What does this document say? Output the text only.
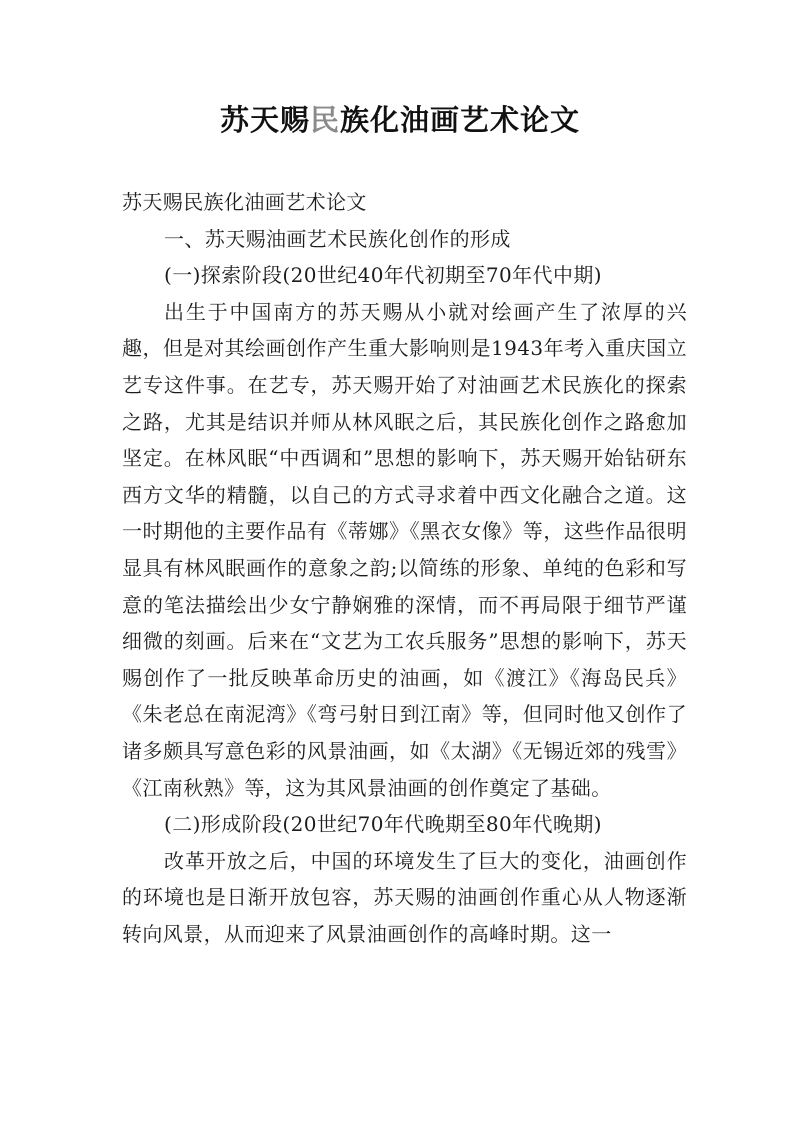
苏天赐民族化油画艺术论文

苏天赐民族化油画艺术论文

一、苏天赐油画艺术民族化创作的形成

(一)探索阶段(20世纪40年代初期至70年代中期)

出生于中国南方的苏天赐从小就对绘画产生了浓厚的兴趣，但是对其绘画创作产生重大影响则是1943年考入重庆国立艺专这件事。在艺专，苏天赐开始了对油画艺术民族化的探索之路，尤其是结识并师从林风眠之后，其民族化创作之路愈加坚定。在林风眠“中西调和”思想的影响下，苏天赐开始钻研东西方文华的精髓，以自己的方式寻求着中西文化融合之道。这一时期他的主要作品有《蒂娜》《黑衣女像》等，这些作品很明显具有林风眠画作的意象之韵;以简练的形象、单纯的色彩和写意的笔法描绘出少女宁静娴雅的深情，而不再局限于细节严谨细微的刻画。后来在“文艺为工农兵服务”思想的影响下，苏天赐创作了一批反映革命历史的油画，如《渡江》《海岛民兵》《朱老总在南泥湾》《弯弓射日到江南》等，但同时他又创作了诸多颇具写意色彩的风景油画，如《太湖》《无锡近郊的残雪》《江南秋熟》等，这为其风景油画的创作奠定了基础。

(二)形成阶段(20世纪70年代晚期至80年代晚期)

改革开放之后，中国的环境发生了巨大的变化，油画创作的环境也是日渐开放包容，苏天赐的油画创作重心从人物逐渐转向风景，从而迎来了风景油画创作的高峰时期。这一
